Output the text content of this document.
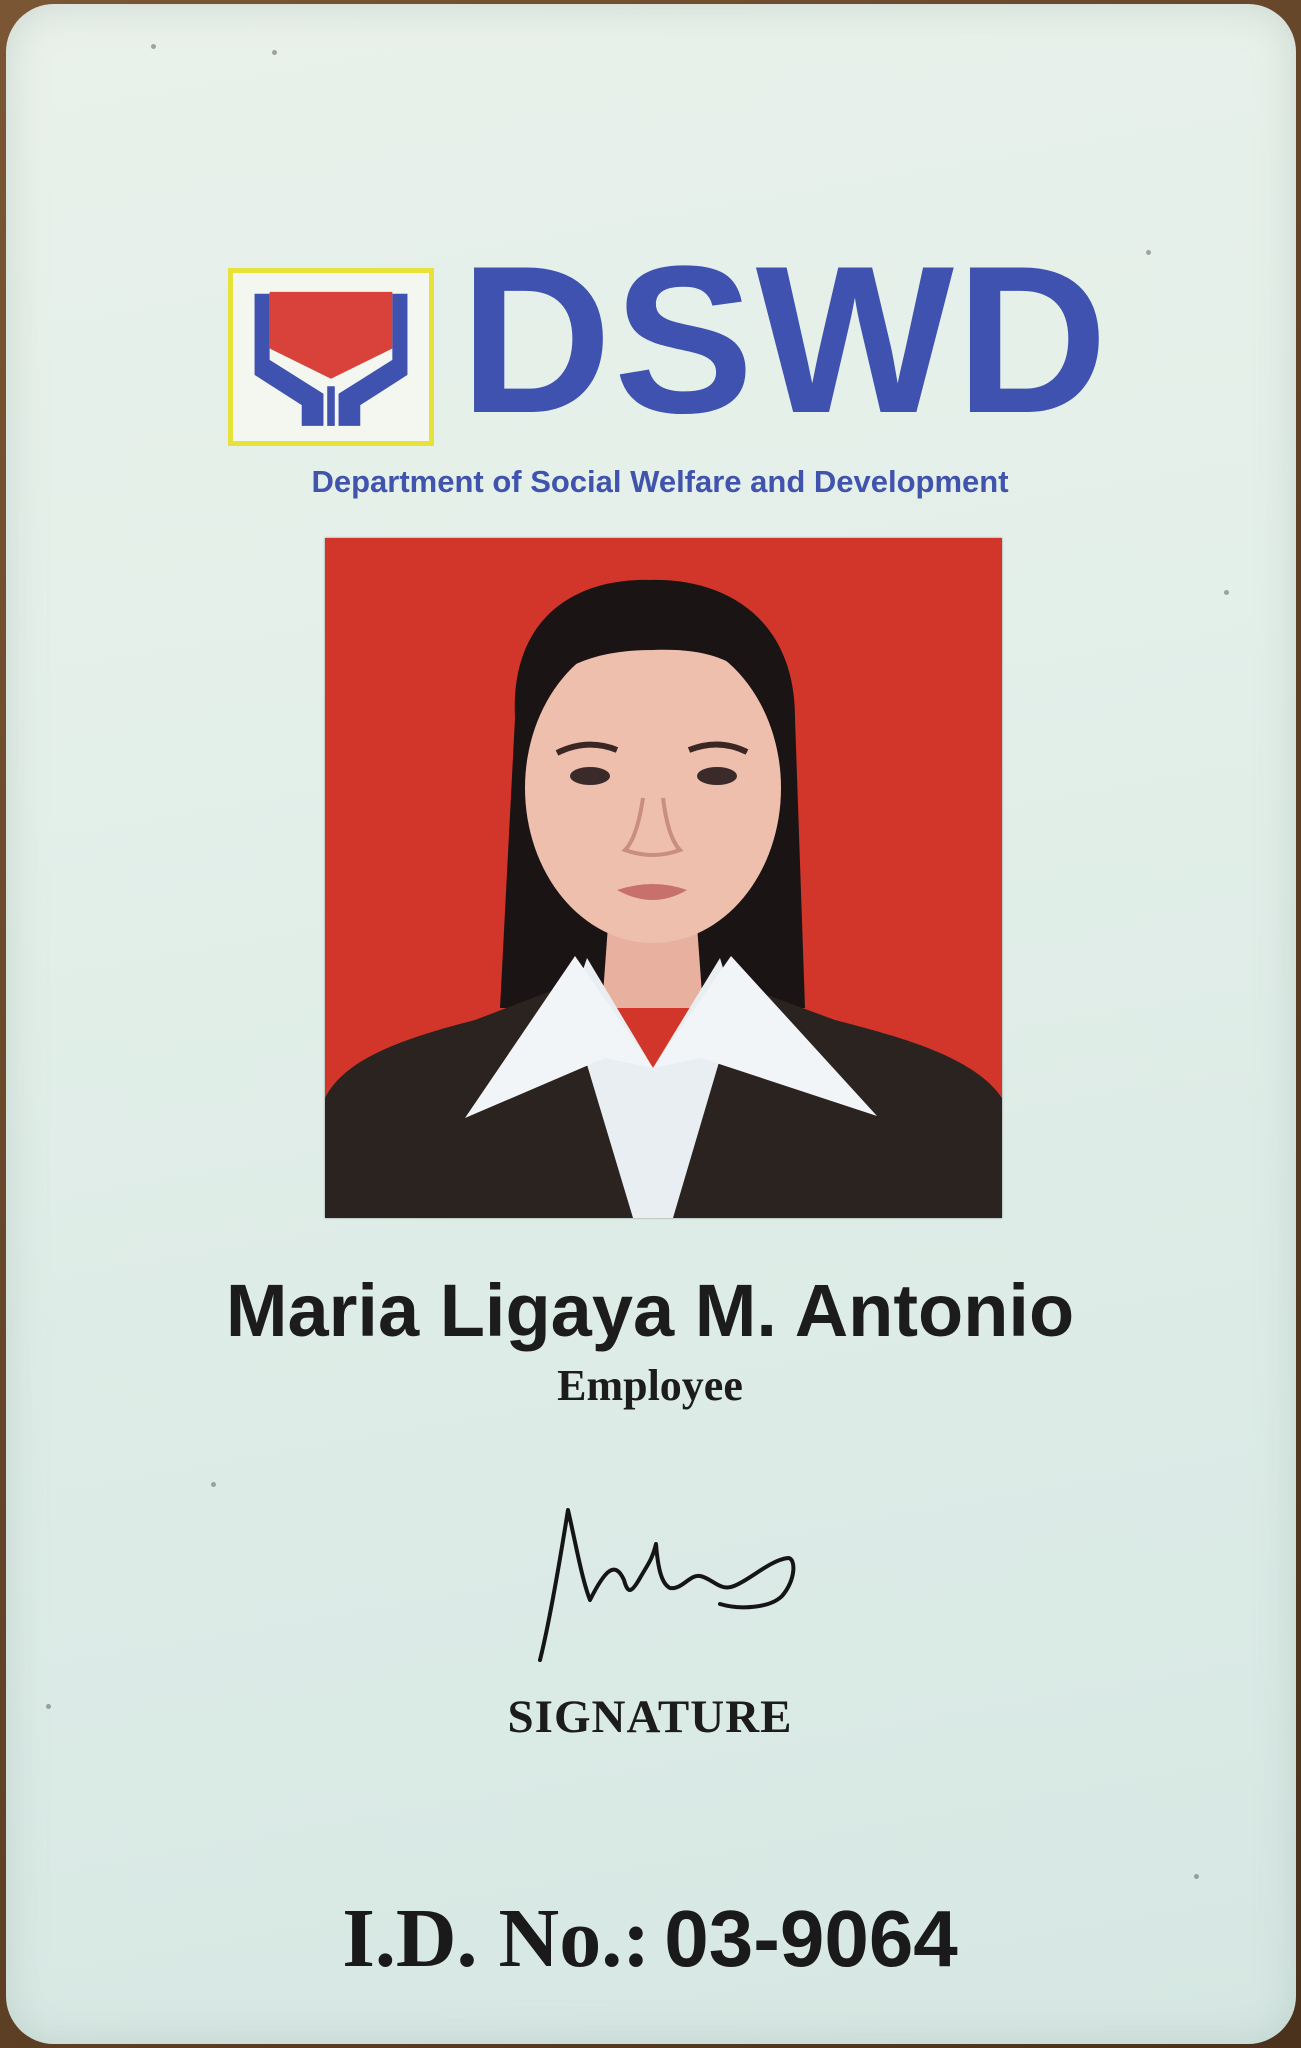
DSWD
Department of Social Welfare and Development
Maria Ligaya M. Antonio
Employee
SIGNATURE
I.D. No.: 03-9064
